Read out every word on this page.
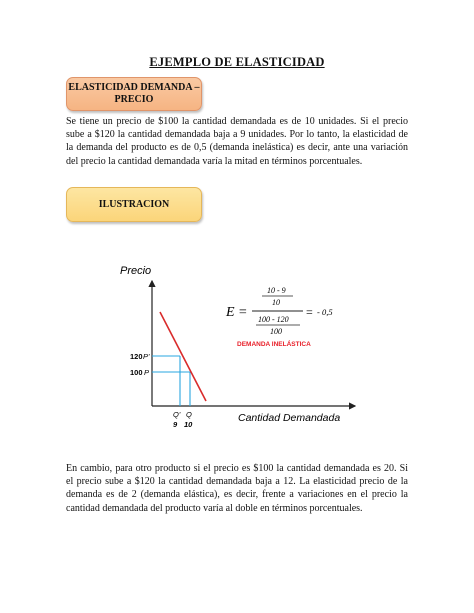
EJEMPLO DE ELASTICIDAD
ELASTICIDAD DEMANDA –
PRECIO
Se tiene un precio de $100 la cantidad demandada es de 10 unidades. Si el precio sube a $120 la cantidad demandada baja a 9 unidades. Por lo tanto, la elasticidad de la demanda del producto es de 0,5 (demanda inelástica) es decir, ante una variación del precio la cantidad demandada varía la mitad en términos porcentuales.
ILUSTRACION
Precio
Cantidad Demandada
120 P'
100 P
Q' Q
9 10
E =
10 - 9
10
100 - 120
100
= - 0,5
DEMANDA INELÁSTICA
En cambio, para otro producto si el precio es $100 la cantidad demandada es 20. Si el precio sube a $120 la cantidad demandada baja a 12. La elasticidad precio de la demanda es de 2 (demanda elástica), es decir, frente a variaciones en el precio la cantidad demandada del producto varía al doble en términos porcentuales.
